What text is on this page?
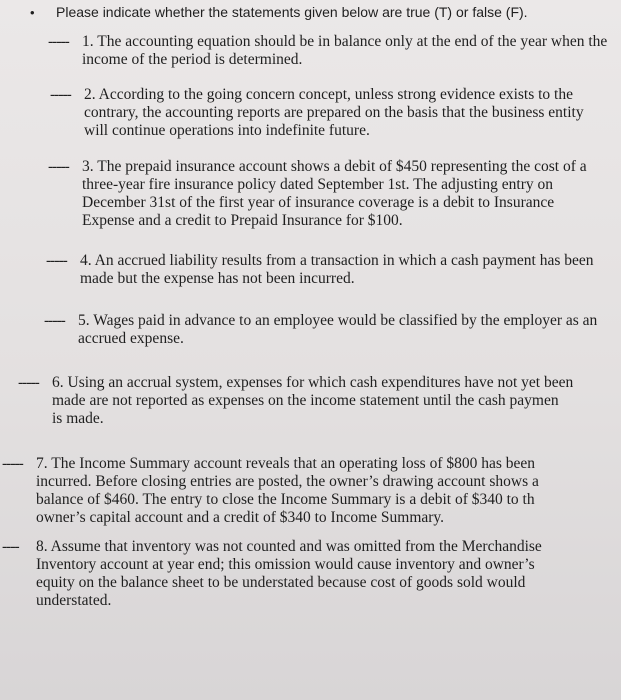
• Please indicate whether the statements given below are true (T) or false (F).
----- 1. The accounting equation should be in balance only at the end of the year when the
income of the period is determined.
----- 2. According to the going concern concept, unless strong evidence exists to the
contrary, the accounting reports are prepared on the basis that the business entity
will continue operations into indefinite future.
----- 3. The prepaid insurance account shows a debit of $450 representing the cost of a
three-year fire insurance policy dated September 1st. The adjusting entry on
December 31st of the first year of insurance coverage is a debit to Insurance
Expense and a credit to Prepaid Insurance for $100.
----- 4. An accrued liability results from a transaction in which a cash payment has been
made but the expense has not been incurred.
----- 5. Wages paid in advance to an employee would be classified by the employer as an
accrued expense.
----- 6. Using an accrual system, expenses for which cash expenditures have not yet been
made are not reported as expenses on the income statement until the cash paymen
is made.
----- 7. The Income Summary account reveals that an operating loss of $800 has been
incurred. Before closing entries are posted, the owner’s drawing account shows a
balance of $460. The entry to close the Income Summary is a debit of $340 to th
owner’s capital account and a credit of $340 to Income Summary.
---- 8. Assume that inventory was not counted and was omitted from the Merchandise
Inventory account at year end; this omission would cause inventory and owner’s
equity on the balance sheet to be understated because cost of goods sold would
understated.
